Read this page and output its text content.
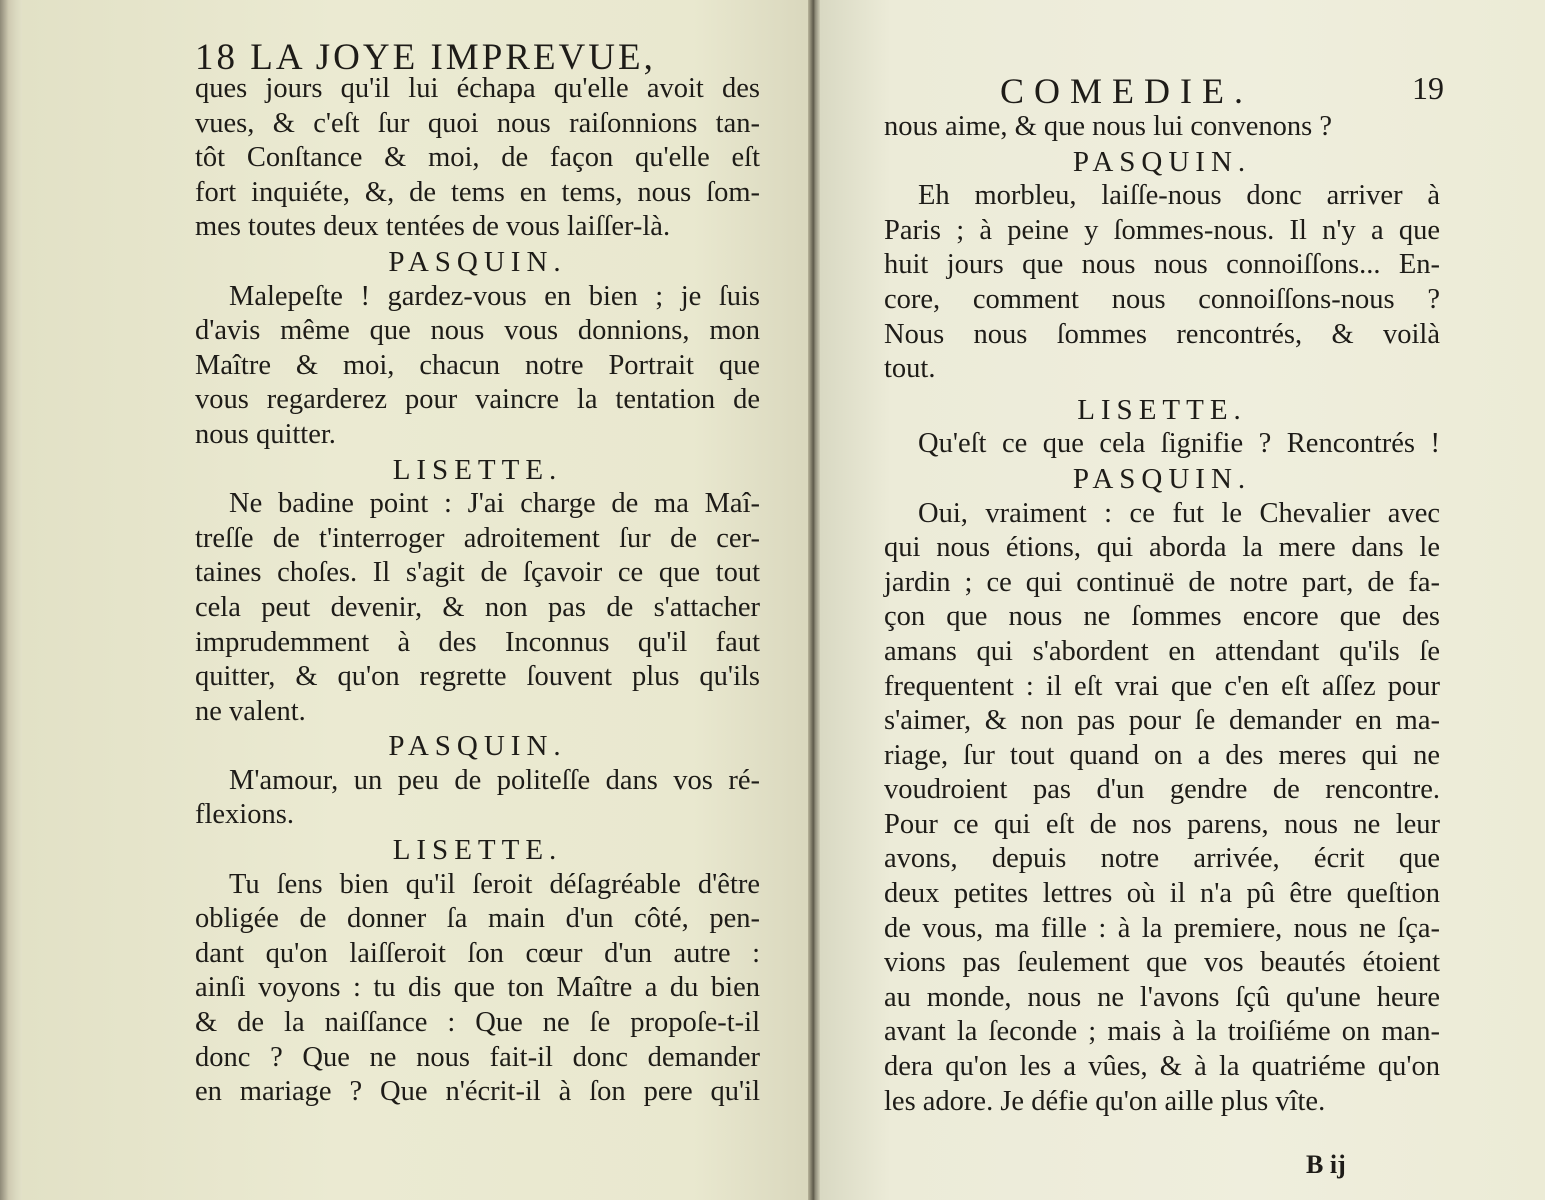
18 LA JOYE IMPREVUE,
ques jours qu'il lui échapa qu'elle avoit des
vues, & c'eſt ſur quoi nous raiſonnions tan-
tôt Conſtance & moi, de façon qu'elle eſt
fort inquiéte, &, de tems en tems, nous ſom-
mes toutes deux tentées de vous laiſſer-là.
PASQUIN.
Malepeſte ! gardez-vous en bien ; je ſuis
d'avis même que nous vous donnions, mon
Maître & moi, chacun notre Portrait que
vous regarderez pour vaincre la tentation de
nous quitter.
LISETTE.
Ne badine point : J'ai charge de ma Maî-
treſſe de t'interroger adroitement ſur de cer-
taines choſes. Il s'agit de ſçavoir ce que tout
cela peut devenir, & non pas de s'attacher
imprudemment à des Inconnus qu'il faut
quitter, & qu'on regrette ſouvent plus qu'ils
ne valent.
PASQUIN.
M'amour, un peu de politeſſe dans vos ré-
flexions.
LISETTE.
Tu ſens bien qu'il ſeroit déſagréable d'être
obligée de donner ſa main d'un côté, pen-
dant qu'on laiſſeroit ſon cœur d'un autre :
ainſi voyons : tu dis que ton Maître a du bien
& de la naiſſance : Que ne ſe propoſe-t-il
donc ? Que ne nous fait-il donc demander
en mariage ? Que n'écrit-il à ſon pere qu'il
COMEDIE.	19
nous aime, & que nous lui convenons ?
PASQUIN.
Eh morbleu, laiſſe-nous donc arriver à
Paris ; à peine y ſommes-nous. Il n'y a que
huit jours que nous nous connoiſſons... En-
core, comment nous connoiſſons-nous ?
Nous nous ſommes rencontrés, & voilà
tout.
LISETTE.
Qu'eſt ce que cela ſignifie ? Rencontrés !
PASQUIN.
Oui, vraiment : ce fut le Chevalier avec
qui nous étions, qui aborda la mere dans le
jardin ; ce qui continuë de notre part, de fa-
çon que nous ne ſommes encore que des
amans qui s'abordent en attendant qu'ils ſe
frequentent : il eſt vrai que c'en eſt aſſez pour
s'aimer, & non pas pour ſe demander en ma-
riage, ſur tout quand on a des meres qui ne
voudroient pas d'un gendre de rencontre.
Pour ce qui eſt de nos parens, nous ne leur
avons, depuis notre arrivée, écrit que
deux petites lettres où il n'a pû être queſtion
de vous, ma fille : à la premiere, nous ne ſça-
vions pas ſeulement que vos beautés étoient
au monde, nous ne l'avons ſçû qu'une heure
avant la ſeconde ; mais à la troiſiéme on man-
dera qu'on les a vûes, & à la quatriéme qu'on
les adore. Je défie qu'on aille plus vîte.
B ij
